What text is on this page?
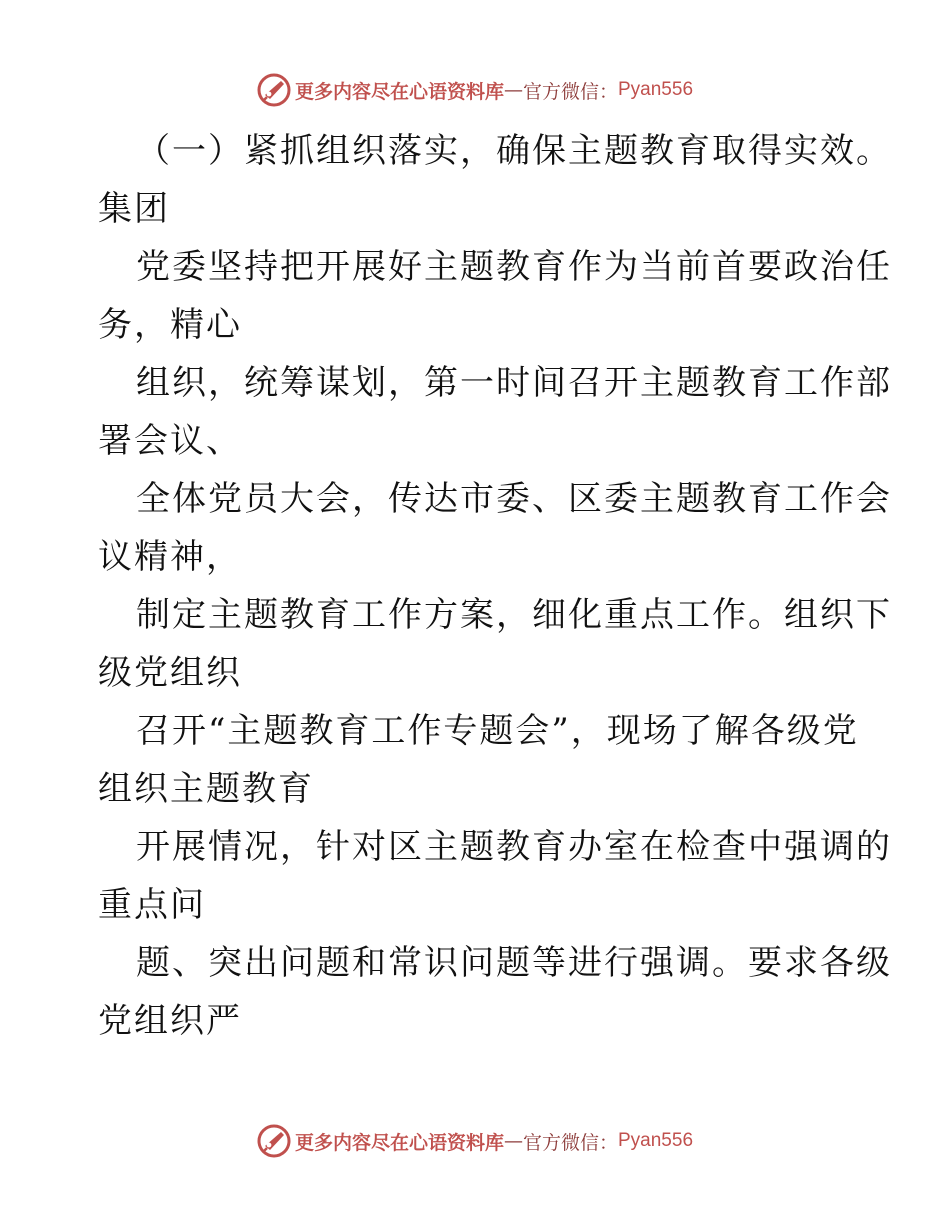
更多内容尽在心语资料库 — 官方微信： Pyan556
（一）紧抓组织落实，确保主题教育取得实效。
集团
党委坚持把开展好主题教育作为当前首要政治任
务，精心
组织，统筹谋划，第一时间召开主题教育工作部
署会议、
全体党员大会，传达市委、区委主题教育工作会
议精神，
制定主题教育工作方案，细化重点工作。组织下
级党组织
召开“主题教育工作专题会”，现场了解各级党
组织主题教育
开展情况，针对区主题教育办室在检查中强调的
重点问
题、突出问题和常识问题等进行强调。要求各级
党组织严
更多内容尽在心语资料库 — 官方微信： Pyan556
